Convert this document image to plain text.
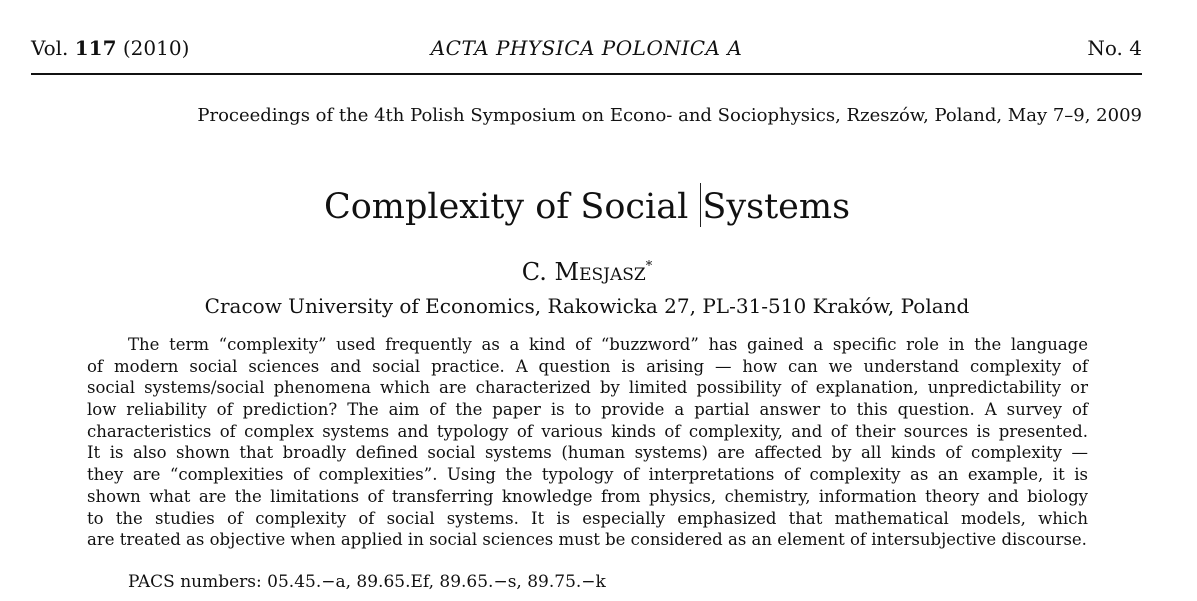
Vol. 117 (2010)	ACTA PHYSICA POLONICA A	No. 4
Proceedings of the 4th Polish Symposium on Econo- and Sociophysics, Rzeszów, Poland, May 7–9, 2009
Complexity of Social Systems
C. Mesjasz*
Cracow University of Economics, Rakowicka 27, PL-31-510 Kraków, Poland
The term “complexity” used frequently as a kind of “buzzword” has gained a specific role in the language
of modern social sciences and social practice. A question is arising — how can we understand complexity of
social systems/social phenomena which are characterized by limited possibility of explanation, unpredictability or
low reliability of prediction? The aim of the paper is to provide a partial answer to this question. A survey of
characteristics of complex systems and typology of various kinds of complexity, and of their sources is presented.
It is also shown that broadly defined social systems (human systems) are affected by all kinds of complexity —
they are “complexities of complexities”. Using the typology of interpretations of complexity as an example, it is
shown what are the limitations of transferring knowledge from physics, chemistry, information theory and biology
to the studies of complexity of social systems. It is especially emphasized that mathematical models, which
are treated as objective when applied in social sciences must be considered as an element of intersubjective discourse.
PACS numbers: 05.45.−a, 89.65.Ef, 89.65.−s, 89.75.−k
